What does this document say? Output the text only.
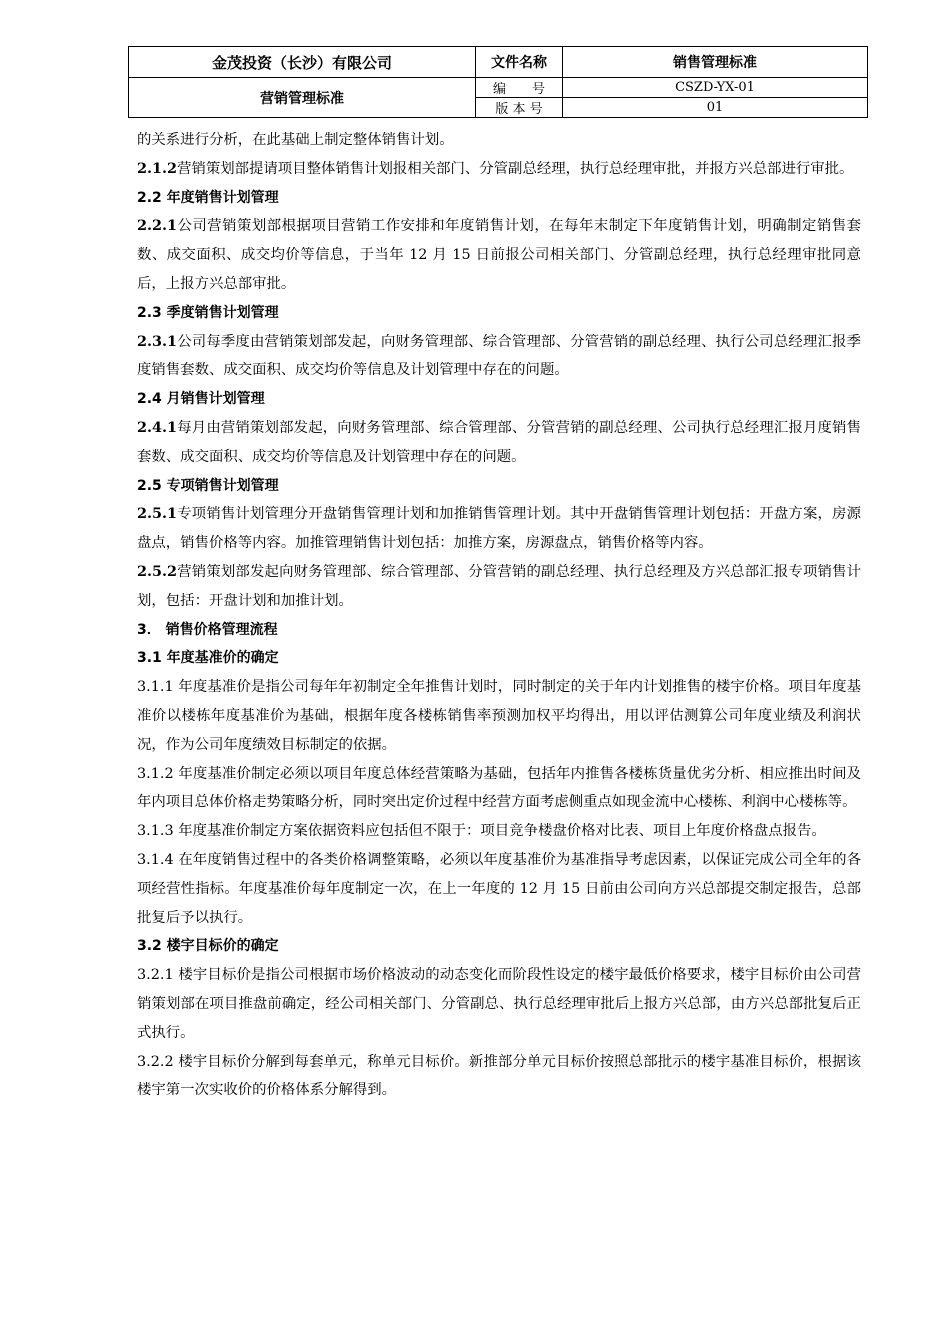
金茂投资（长沙）有限公司	文件名称	销售管理标准
营销管理标准	编　　号	CSZD-YX-01
	版 本 号	01

的关系进行分析，在此基础上制定整体销售计划。

2.1.2营销策划部提请项目整体销售计划报相关部门、分管副总经理，执行总经理审批，并报方兴总部进行审批。

2.2 年度销售计划管理

2.2.1公司营销策划部根据项目营销工作安排和年度销售计划，在每年末制定下年度销售计划，明确制定销售套数、成交面积、成交均价等信息，于当年 12 月 15 日前报公司相关部门、分管副总经理，执行总经理审批同意后，上报方兴总部审批。

2.3 季度销售计划管理

2.3.1公司每季度由营销策划部发起，向财务管理部、综合管理部、分管营销的副总经理、执行公司总经理汇报季度销售套数、成交面积、成交均价等信息及计划管理中存在的问题。

2.4 月销售计划管理

2.4.1每月由营销策划部发起，向财务管理部、综合管理部、分管营销的副总经理、公司执行总经理汇报月度销售套数、成交面积、成交均价等信息及计划管理中存在的问题。

2.5 专项销售计划管理

2.5.1专项销售计划管理分开盘销售管理计划和加推销售管理计划。其中开盘销售管理计划包括：开盘方案，房源盘点，销售价格等内容。加推管理销售计划包括：加推方案，房源盘点，销售价格等内容。

2.5.2营销策划部发起向财务管理部、综合管理部、分管营销的副总经理、执行总经理及方兴总部汇报专项销售计划，包括：开盘计划和加推计划。

3． 销售价格管理流程

3.1 年度基准价的确定

3.1.1 年度基准价是指公司每年年初制定全年推售计划时，同时制定的关于年内计划推售的楼宇价格。项目年度基准价以楼栋年度基准价为基础，根据年度各楼栋销售率预测加权平均得出，用以评估测算公司年度业绩及利润状况，作为公司年度绩效目标制定的依据。

3.1.2 年度基准价制定必须以项目年度总体经营策略为基础，包括年内推售各楼栋货量优劣分析、相应推出时间及年内项目总体价格走势策略分析，同时突出定价过程中经营方面考虑侧重点如现金流中心楼栋、利润中心楼栋等。

3.1.3 年度基准价制定方案依据资料应包括但不限于：项目竞争楼盘价格对比表、项目上年度价格盘点报告。

3.1.4 在年度销售过程中的各类价格调整策略，必须以年度基准价为基准指导考虑因素，以保证完成公司全年的各项经营性指标。年度基准价每年度制定一次，在上一年度的 12 月 15 日前由公司向方兴总部提交制定报告，总部批复后予以执行。

3.2 楼宇目标价的确定

3.2.1 楼宇目标价是指公司根据市场价格波动的动态变化而阶段性设定的楼宇最低价格要求，楼宇目标价由公司营销策划部在项目推盘前确定，经公司相关部门、分管副总、执行总经理审批后上报方兴总部，由方兴总部批复后正式执行。

3.2.2 楼宇目标价分解到每套单元，称单元目标价。新推部分单元目标价按照总部批示的楼宇基准目标价，根据该楼宇第一次实收价的价格体系分解得到。
